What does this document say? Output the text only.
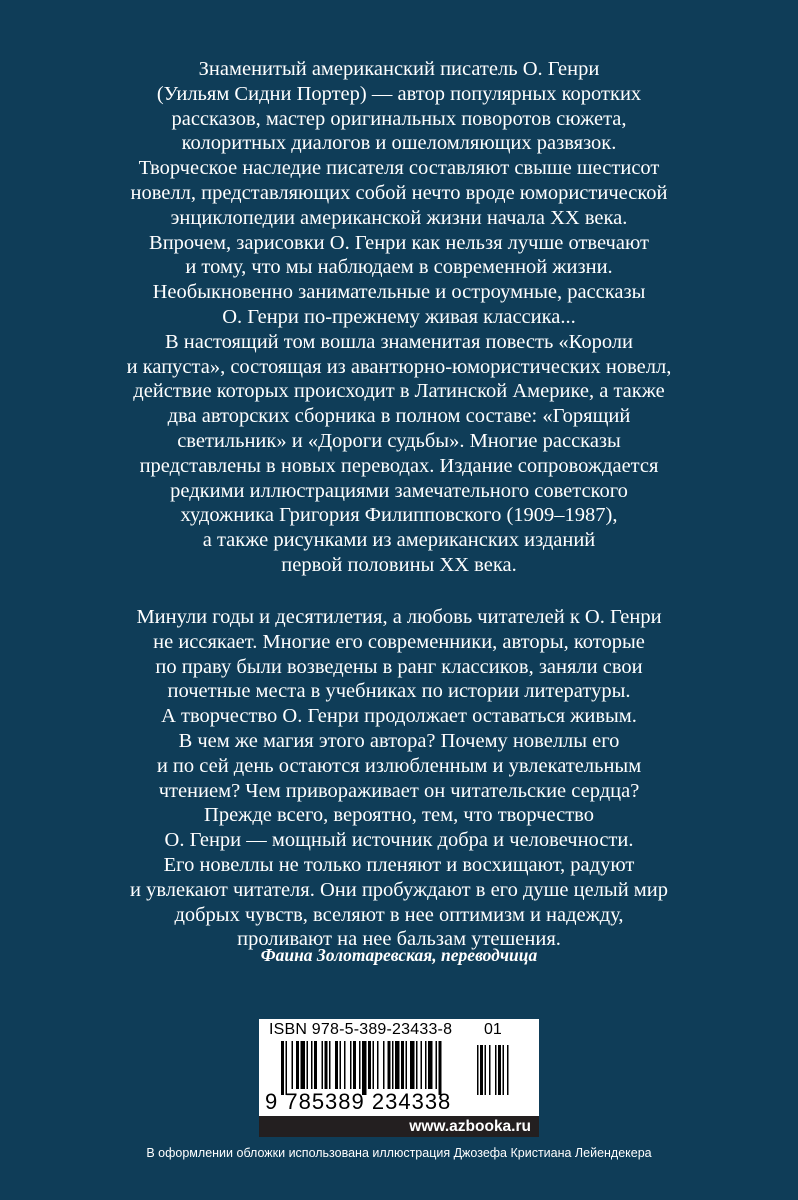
Знаменитый американский писатель О. Генри
(Уильям Сидни Портер) — автор популярных коротких
рассказов, мастер оригинальных поворотов сюжета,
колоритных диалогов и ошеломляющих развязок.
Творческое наследие писателя составляют свыше шестисот
новелл, представляющих собой нечто вроде юмористической
энциклопедии американской жизни начала XX века.
Впрочем, зарисовки О. Генри как нельзя лучше отвечают
и тому, что мы наблюдаем в современной жизни.
Необыкновенно занимательные и остроумные, рассказы
О. Генри по-прежнему живая классика...
В настоящий том вошла знаменитая повесть «Короли
и капуста», состоящая из авантюрно-юмористических новелл,
действие которых происходит в Латинской Америке, а также
два авторских сборника в полном составе: «Горящий
светильник» и «Дороги судьбы». Многие рассказы
представлены в новых переводах. Издание сопровождается
редкими иллюстрациями замечательного советского
художника Григория Филипповского (1909–1987),
а также рисунками из американских изданий
первой половины XX века.
Минули годы и десятилетия, а любовь читателей к О. Генри
не иссякает. Многие его современники, авторы, которые
по праву были возведены в ранг классиков, заняли свои
почетные места в учебниках по истории литературы.
А творчество О. Генри продолжает оставаться живым.
В чем же магия этого автора? Почему новеллы его
и по сей день остаются излюбленным и увлекательным
чтением? Чем привораживает он читательские сердца?
Прежде всего, вероятно, тем, что творчество
О. Генри — мощный источник добра и человечности.
Его новеллы не только пленяют и восхищают, радуют
и увлекают читателя. Они пробуждают в его душе целый мир
добрых чувств, вселяют в нее оптимизм и надежду,
проливают на нее бальзам утешения.

Фаина Золотаревская, переводчица

ISBN 978-5-389-23433-8 01
9 785389 234338
www.azbooka.ru
В оформлении обложки использована иллюстрация Джозефа Кристиана Лейендекера
